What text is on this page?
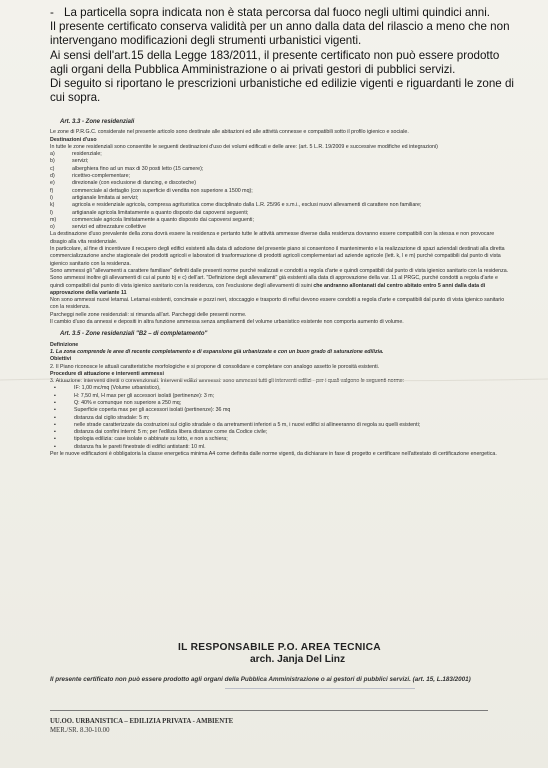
- La particella sopra indicata non è stata percorsa dal fuoco negli ultimi quindici anni.

Il presente certificato conserva validità per un anno dalla data del rilascio a meno che non intervengano modificazioni degli strumenti urbanistici vigenti.

Ai sensi dell'art.15 della Legge 183/2011, il presente certificato non può essere prodotto agli organi della Pubblica Amministrazione o ai privati gestori di pubblici servizi.

Di seguito si riportano le prescrizioni urbanistiche ed edilizie vigenti e riguardanti le zone di cui sopra.

Art. 3.3 - Zone residenziali

Le zone di P.R.G.C. considerate nel presente articolo sono destinate alle abitazioni ed alle attività connesse e compatibili sotto il profilo igienico e sociale.

Destinazioni d'uso

In tutte le zone residenziali sono consentite le seguenti destinazioni d'uso dei volumi edificati e delle aree: (art. 5 L.R. 19/2009 e successive modifiche ed integrazioni)

a)	residenziale;
b)	servizi;
c)	alberghiera fino ad un max di 30 posti letto (15 camere);
d)	ricettivo-complementare;
e)	direzionale (con esclusione di dancing, e discoteche)
f)	commerciale al dettaglio (con superficie di vendita non superiore a 1500 mq);
i)	artigianale limitata ai servizi;
k)	agricola e residenziale agricola, compresa agrituristica come disciplinato dalla L.R. 25/96 e s.m.i., esclusi nuovi allevamenti di carattere non familiare;
l)	artigianale agricola limitatamente a quanto disposto dai capoversi seguenti;
m)	commerciale agricola limitatamente a quanto disposto dai capoversi seguenti;
o)	servizi ed attrezzature collettive

La destinazione d'uso prevalente della zona dovrà essere la residenza e pertanto tutte le attività ammesse diverse dalla residenza dovranno essere compatibili con la stessa e non provocare disagio alla vita residenziale.

In particolare, al fine di incentivare il recupero degli edifici esistenti alla data di adozione del presente piano si consentono il mantenimento e la realizzazione di spazi aziendali destinati alla diretta commercializzazione anche stagionale dei prodotti agricoli e laboratori di trasformazione di prodotti agricoli complementari ad aziende agricole (lett. k, l e m) purché compatibili dal punto di vista igienico sanitario con la residenza.

Sono ammessi gli "allevamenti a carattere familiare" definiti dalle presenti norme purché realizzati e condotti a regola d'arte e quindi compatibili dal punto di vista igienico sanitario con la residenza.

Sono ammessi inoltre gli allevamenti di cui al punto b) e c) dell'art. "Definizione degli allevamenti" già esistenti alla data di approvazione della var. 11 al PRGC, purché condotti a regola d'arte e quindi compatibili dal punto di vista igienico sanitario con la residenza, con l'esclusione degli allevamenti di suini che andranno allontanati dal centro abitato entro 5 anni dalla data di approvazione della variante 11

Non sono ammessi nuovi letamai. Letamai esistenti, concimaie e pozzi neri, stoccaggio e trasporto di reflui devono essere condotti a regola d'arte e compatibili dal punto di vista igienico sanitario con la residenza.

Parcheggi nelle zone residenziali: si rimanda all'art. Parcheggi delle presenti norme.

Il cambio d'uso da annessi e depositi in altra funzione ammessa senza ampliamenti del volume urbanistico esistente non comporta aumento di volume.

Art. 3.5 - Zone residenziali "B2 – di completamento"

Definizione

1. La zona comprende le aree di recente completamento e di espansione già urbanizzate e con un buon grado di saturazione edilizia.

Obiettivi

2. Il Piano riconosce le attuali caratteristiche morfologiche e si propone di consolidare e completare con analogo assetto le porosità esistenti.

Procedure di attuazione e interventi ammessi

3. Attuazione: interventi diretti o convenzionati. Interventi edilizi ammessi: sono ammessi tutti gli interventi edilizi - per i quali valgono le seguenti norme:

▪	IF: 1,00 mc/mq (Volume urbanistico),
▪	H: 7,50 ml, H max per gli accessori isolati (pertinenze): 3 m;
▪	Q: 40% e comunque non superiore a 250 mq;
▪	Superficie coperta max per gli accessori isolati (pertinenze): 36 mq
▪	distanza dal ciglio stradale: 5 m;
▪	nelle strade caratterizzate da costruzioni sul ciglio stradale o da arretramenti inferiori a 5 m, i nuovi edifici si allineeranno di regola su quelli esistenti;
▪	distanza dai confini interni: 5 m; per l'edilizia libera distanze come da Codice civile;
▪	tipologia edilizia: case isolate o abbinate su lotto, e non a schiera;
▪	distanza fra le pareti finestrate di edifici antistanti: 10 ml.

Per le nuove edificazioni è obbligatoria la classe energetica minima A4 come definita dalle norme vigenti, da dichiarare in fase di progetto e certificare nell'attestato di certificazione energetica.

IL RESPONSABILE P.O. AREA TECNICA
arch. Janja Del Linz
Il presente certificato non può essere prodotto agli organi della Pubblica Amministrazione o ai gestori di pubblici servizi. (art. 15, L.183/2001)
UU.OO. URBANISTICA – EDILIZIA PRIVATA - AMBIENTE
MER./SR. 8.30-10.00
